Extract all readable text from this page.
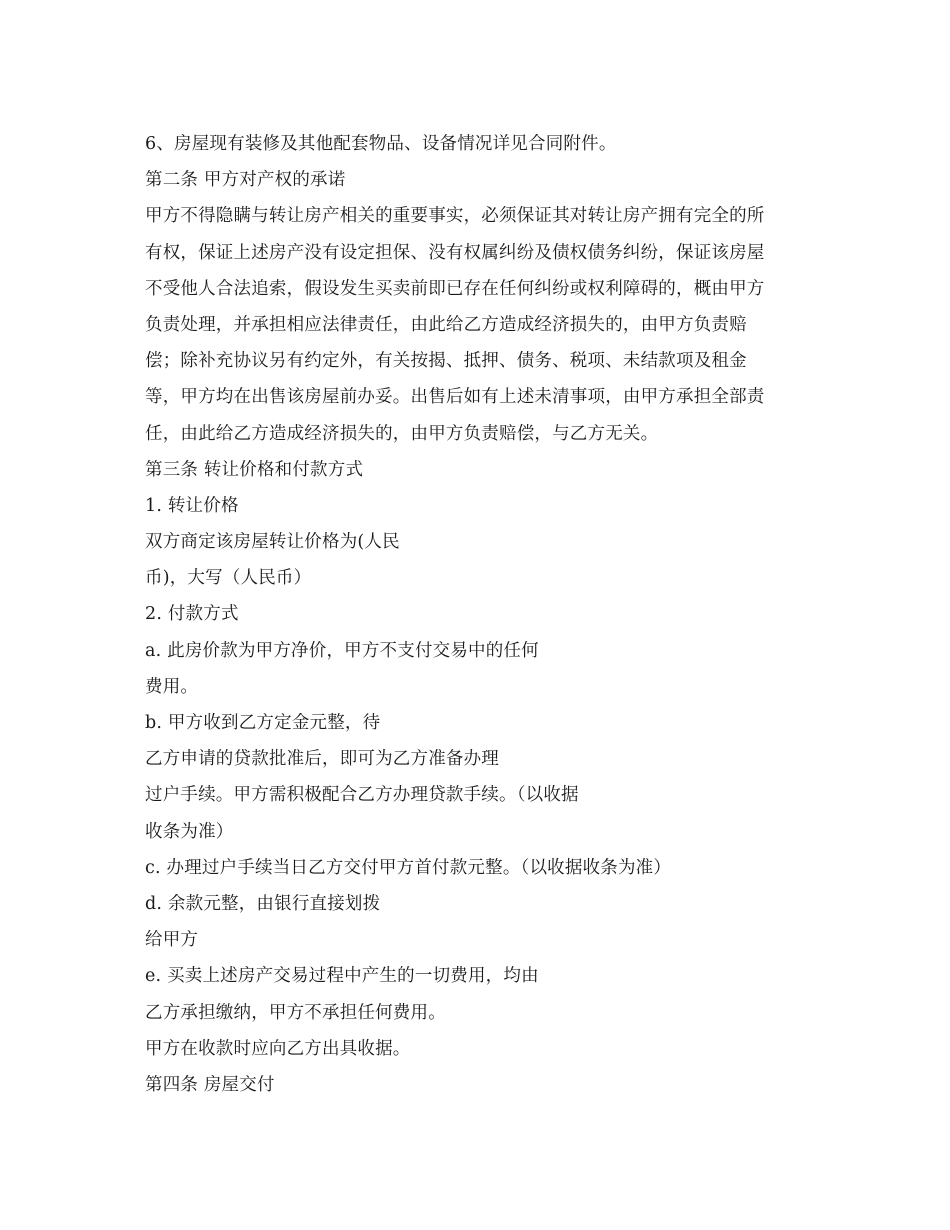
6、房屋现有装修及其他配套物品、设备情况详见合同附件。
第二条 甲方对产权的承诺
甲方不得隐瞒与转让房产相关的重要事实，必须保证其对转让房产拥有完全的所
有权，保证上述房产没有设定担保、没有权属纠纷及债权债务纠纷，保证该房屋
不受他人合法追索，假设发生买卖前即已存在任何纠纷或权利障碍的，概由甲方
负责处理，并承担相应法律责任，由此给乙方造成经济损失的，由甲方负责赔
偿；除补充协议另有约定外，有关按揭、抵押、债务、税项、未结款项及租金
等，甲方均在出售该房屋前办妥。出售后如有上述未清事项，由甲方承担全部责
任，由此给乙方造成经济损失的，由甲方负责赔偿，与乙方无关。
第三条 转让价格和付款方式
1. 转让价格
双方商定该房屋转让价格为(人民
币)，大写（人民币）
2. 付款方式
a. 此房价款为甲方净价，甲方不支付交易中的任何
费用。
b. 甲方收到乙方定金元整，待
乙方申请的贷款批准后，即可为乙方准备办理
过户手续。甲方需积极配合乙方办理贷款手续。（以收据
收条为准）
c. 办理过户手续当日乙方交付甲方首付款元整。（以收据收条为准）
d. 余款元整，由银行直接划拨
给甲方
e. 买卖上述房产交易过程中产生的一切费用，均由
乙方承担缴纳，甲方不承担任何费用。
甲方在收款时应向乙方出具收据。
第四条 房屋交付
